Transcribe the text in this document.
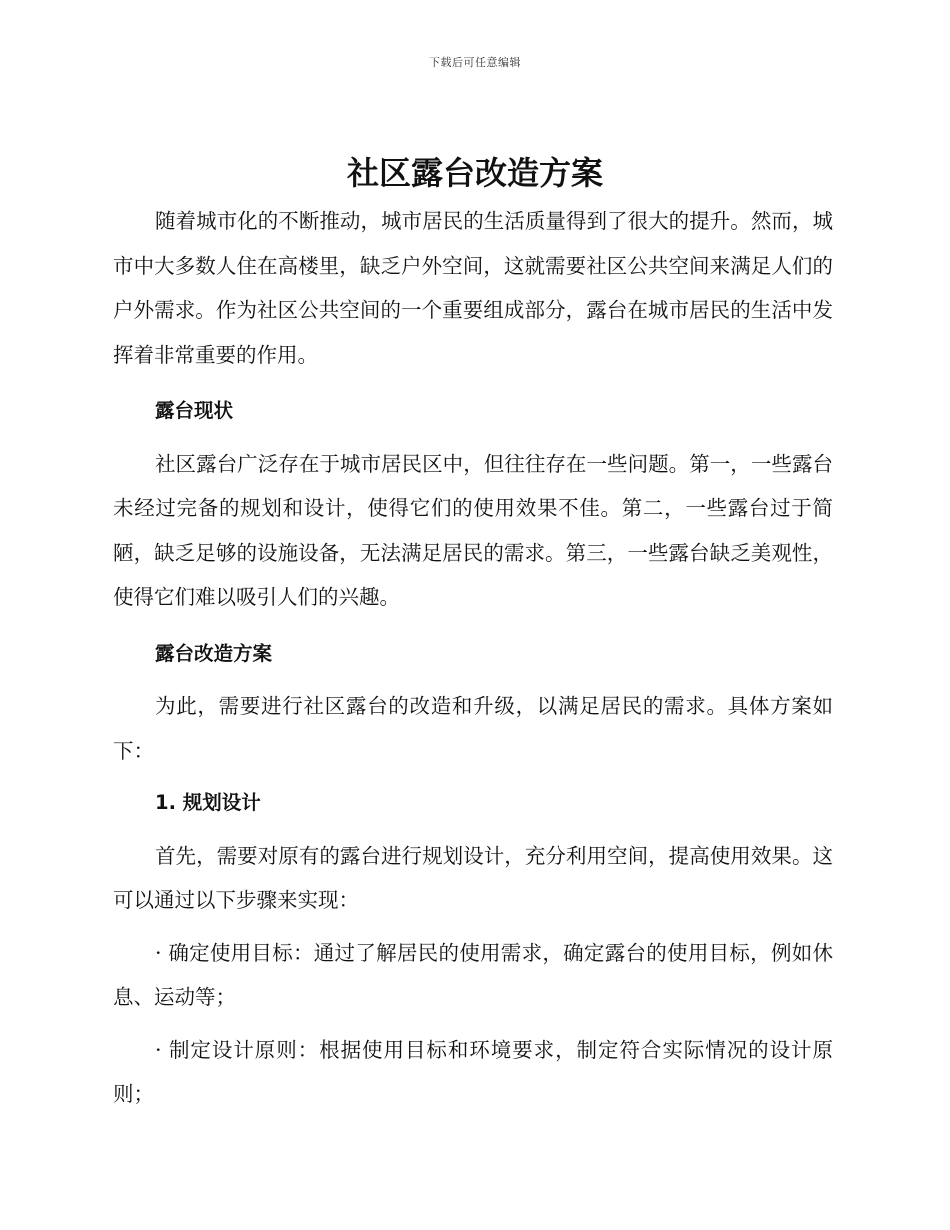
下载后可任意编辑
社区露台改造方案

随着城市化的不断推动，城市居民的生活质量得到了很大的提升。然而，城市中大多数人住在高楼里，缺乏户外空间，这就需要社区公共空间来满足人们的户外需求。作为社区公共空间的一个重要组成部分，露台在城市居民的生活中发挥着非常重要的作用。

露台现状

社区露台广泛存在于城市居民区中，但往往存在一些问题。第一，一些露台未经过完备的规划和设计，使得它们的使用效果不佳。第二，一些露台过于简陋，缺乏足够的设施设备，无法满足居民的需求。第三，一些露台缺乏美观性，使得它们难以吸引人们的兴趣。

露台改造方案

为此，需要进行社区露台的改造和升级，以满足居民的需求。具体方案如下：

1. 规划设计

首先，需要对原有的露台进行规划设计，充分利用空间，提高使用效果。这可以通过以下步骤来实现：

· 确定使用目标：通过了解居民的使用需求，确定露台的使用目标，例如休息、运动等；

· 制定设计原则：根据使用目标和环境要求，制定符合实际情况的设计原则；
